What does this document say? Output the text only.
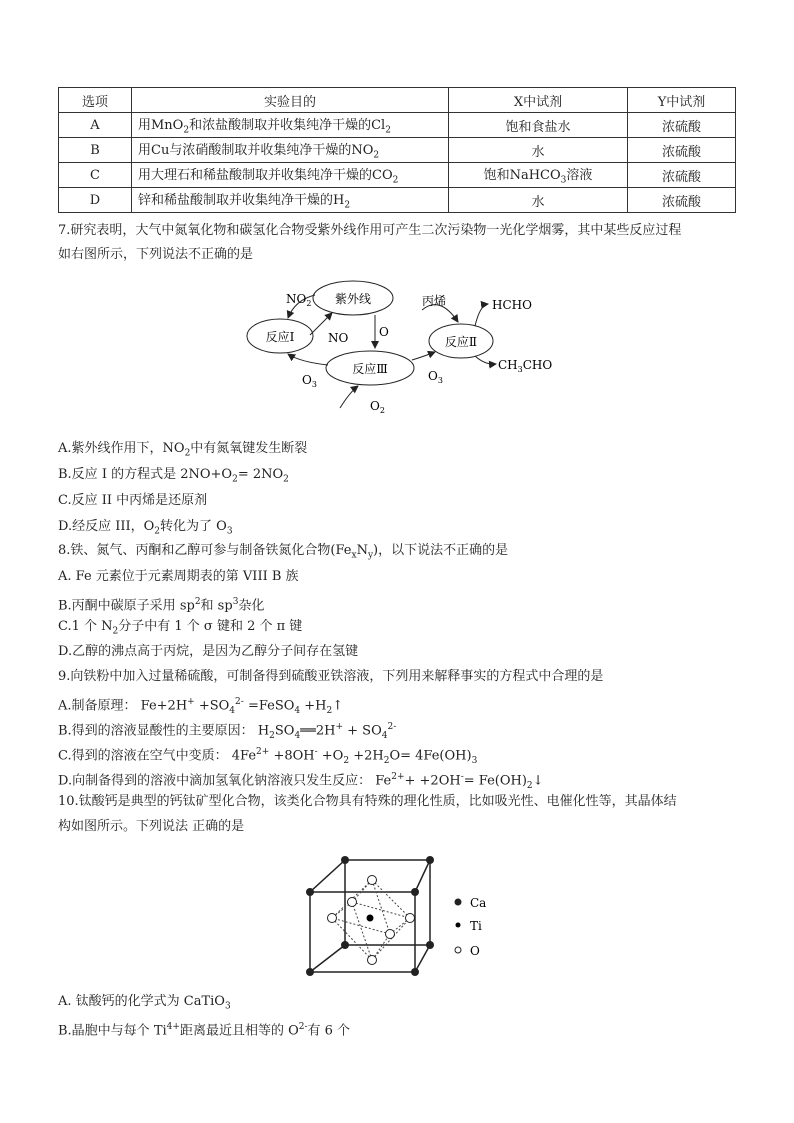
选项	实验目的	X中试剂	Y中试剂
A	用MnO$_2$和浓盐酸制取并收集纯净干燥的$Cl_2$	饱和食盐水	浓硫酸
B	用Cu与浓硝酸制取并收集纯净干燥的$NO_2$	水	浓硫酸
C	用大理石和稀盐酸制取并收集纯净干燥的$CO_2$	饱和NaHCO$_3$溶液	浓硫酸
D	锌和稀盐酸制取并收集纯净干燥的$H_2$	水	浓硫酸
7.研究表明，大气中氮氧化物和碳氢化合物受紫外线作用可产生二次污染物一光化学烟雾，其中某些反应过程
如右图所示，下列说法不正确的是
紫外线
反应Ⅰ	反应Ⅱ
反应Ⅲ
$NO_2$
NO	O
$O_3$
$O_3$
$O_2$
丙烯	HCHO
$CH_3CHO$
A.紫外线作用下，$NO_2$中有氮氧键发生断裂
B.反应 I 的方程式是 $2NO+O_2= 2NO_2$
C.反应 II 中丙烯是还原剂
D.经反应 III，$O_2$转化为了 $O_3$
8.铁、氮气、丙酮和乙醇可参与制备铁氮化合物$(Fe_xN_y)$，以下说法不正确的是
A. Fe 元素位于元素周期表的第 VIII B 族
B.丙酮中碳原子采用 $sp^2$和 $sp^3$杂化
C.1 个 $N_2$分子中有 1 个 σ 键和 2 个 π 键
D.乙醇的沸点高于丙烷，是因为乙醇分子间存在氢键
9.向铁粉中加入过量稀硫酸，可制备得到硫酸亚铁溶液，下列用来解释事实的方程式中合理的是
A.制备原理： $Fe+2H^+ +SO_4^{2-}$ =FeSO$_4$ $+H_2↑$
B.得到的溶液显酸性的主要原因： $H_2SO_4══2H^+ + SO_4^{2-}$
C.得到的溶液在空气中变质： $4Fe^{2+} +8OH^- +O_2 +2H_2O= 4Fe(OH)_3$
D.向制备得到的溶液中滴加氢氧化钠溶液只发生反应： $Fe^{2+}+ +2OH^-=$ $Fe(OH)_2↓$
10.钛酸钙是典型的钙钛矿型化合物，该类化合物具有特殊的理化性质，比如吸光性、电催化性等，其晶体结
构如图所示。下列说法 正确的是
Ca
Ti
O
A. 钛酸钙的化学式为 CaTiO$_3$
B.晶胞中与每个 $Ti^{4+}$距离最近且相等的 $O^{2-}$有 6 个
